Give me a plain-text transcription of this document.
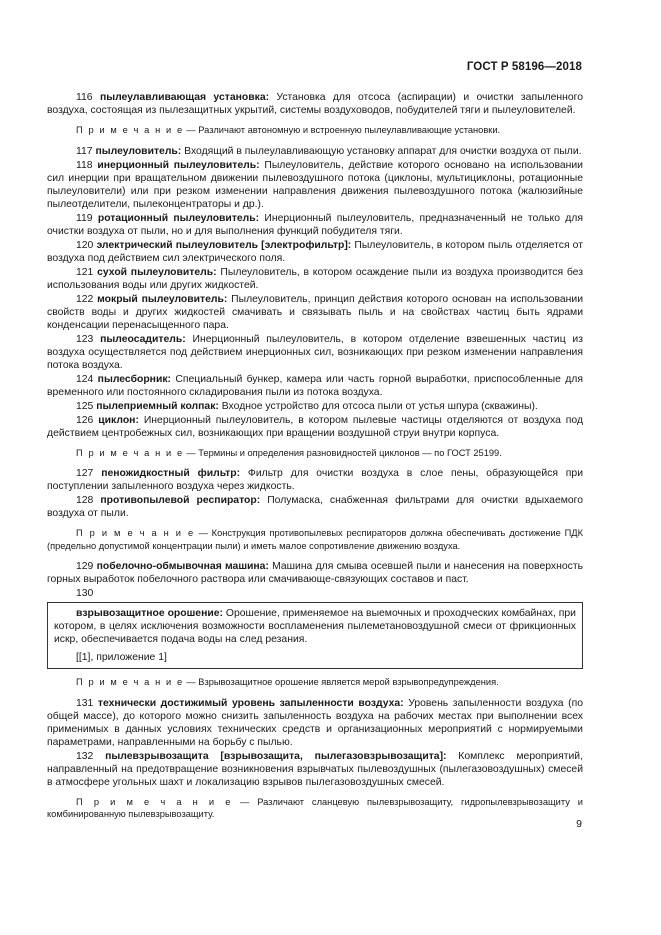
ГОСТ Р 58196—2018

116 пылеулавливающая установка: Установка для отсоса (аспирации) и очистки запыленного воздуха, состоящая из пылезащитных укрытий, системы воздуховодов, побудителей тяги и пылеуловителей.

П р и м е ч а н и е — Различают автономную и встроенную пылеулавливающие установки.

117 пылеуловитель: Входящий в пылеулавливающую установку аппарат для очистки воздуха от пыли.

118 инерционный пылеуловитель: Пылеуловитель, действие которого основано на использовании сил инерции при вращательном движении пылевоздушного потока (циклоны, мультициклоны, ротационные пылеуловители) или при резком изменении направления движения пылевоздушного потока (жалюзийные пылеотделители, пылеконцентраторы и др.).

119 ротационный пылеуловитель: Инерционный пылеуловитель, предназначенный не только для очистки воздуха от пыли, но и для выполнения функций побудителя тяги.

120 электрический пылеуловитель [электрофильтр]: Пылеуловитель, в котором пыль отделяется от воздуха под действием сил электрического поля.

121 сухой пылеуловитель: Пылеуловитель, в котором осаждение пыли из воздуха производится без использования воды или других жидкостей.

122 мокрый пылеуловитель: Пылеуловитель, принцип действия которого основан на использовании свойств воды и других жидкостей смачивать и связывать пыль и на свойствах частиц быть ядрами конденсации перенасыщенного пара.

123 пылеосадитель: Инерционный пылеуловитель, в котором отделение взвешенных частиц из воздуха осуществляется под действием инерционных сил, возникающих при резком изменении направления потока воздуха.

124 пылесборник: Специальный бункер, камера или часть горной выработки, приспособленные для временного или постоянного складирования пыли из потока воздуха.

125 пылеприемный колпак: Входное устройство для отсоса пыли от устья шпура (скважины).

126 циклон: Инерционный пылеуловитель, в котором пылевые частицы отделяются от воздуха под действием центробежных сил, возникающих при вращении воздушной струи внутри корпуса.

П р и м е ч а н и е — Термины и определения разновидностей циклонов — по ГОСТ 25199.

127 пеножидкостный фильтр: Фильтр для очистки воздуха в слое пены, образующейся при поступлении запыленного воздуха через жидкость.

128 противопылевой респиратор: Полумаска, снабженная фильтрами для очистки вдыхаемого воздуха от пыли.

П р и м е ч а н и е — Конструкция противопылевых респираторов должна обеспечивать достижение ПДК (предельно допустимой концентрации пыли) и иметь малое сопротивление движению воздуха.

129 побелочно-обмывочная машина: Машина для смыва осевшей пыли и нанесения на поверхность горных выработок побелочного раствора или смачивающе-связующих составов и паст.

130

взрывозащитное орошение: Орошение, применяемое на выемочных и проходческих комбайнах, при котором, в целях исключения возможности воспламенения пылеметановоздушной смеси от фрикционных искр, обеспечивается подача воды на след резания.

[[1], приложение 1]

П р и м е ч а н и е — Взрывозащитное орошение является мерой взрывопредупреждения.

131 технически достижимый уровень запыленности воздуха: Уровень запыленности воздуха (по общей массе), до которого можно снизить запыленность воздуха на рабочих местах при выполнении всех применимых в данных условиях технических средств и организационных мероприятий с нормируемыми параметрами, направленными на борьбу с пылью.

132 пылевзрывозащита [взрывозащита, пылегазовзрывозащита]: Комплекс мероприятий, направленный на предотвращение возникновения взрывчатых пылевоздушных (пылегазовоздушных) смесей в атмосфере угольных шахт и локализацию взрывов пылегазовоздушных смесей.

П р и м е ч а н и е — Различают сланцевую пылевзрывозащиту, гидропылевзрывозащиту и комбинированную пылевзрывозащиту.

9
